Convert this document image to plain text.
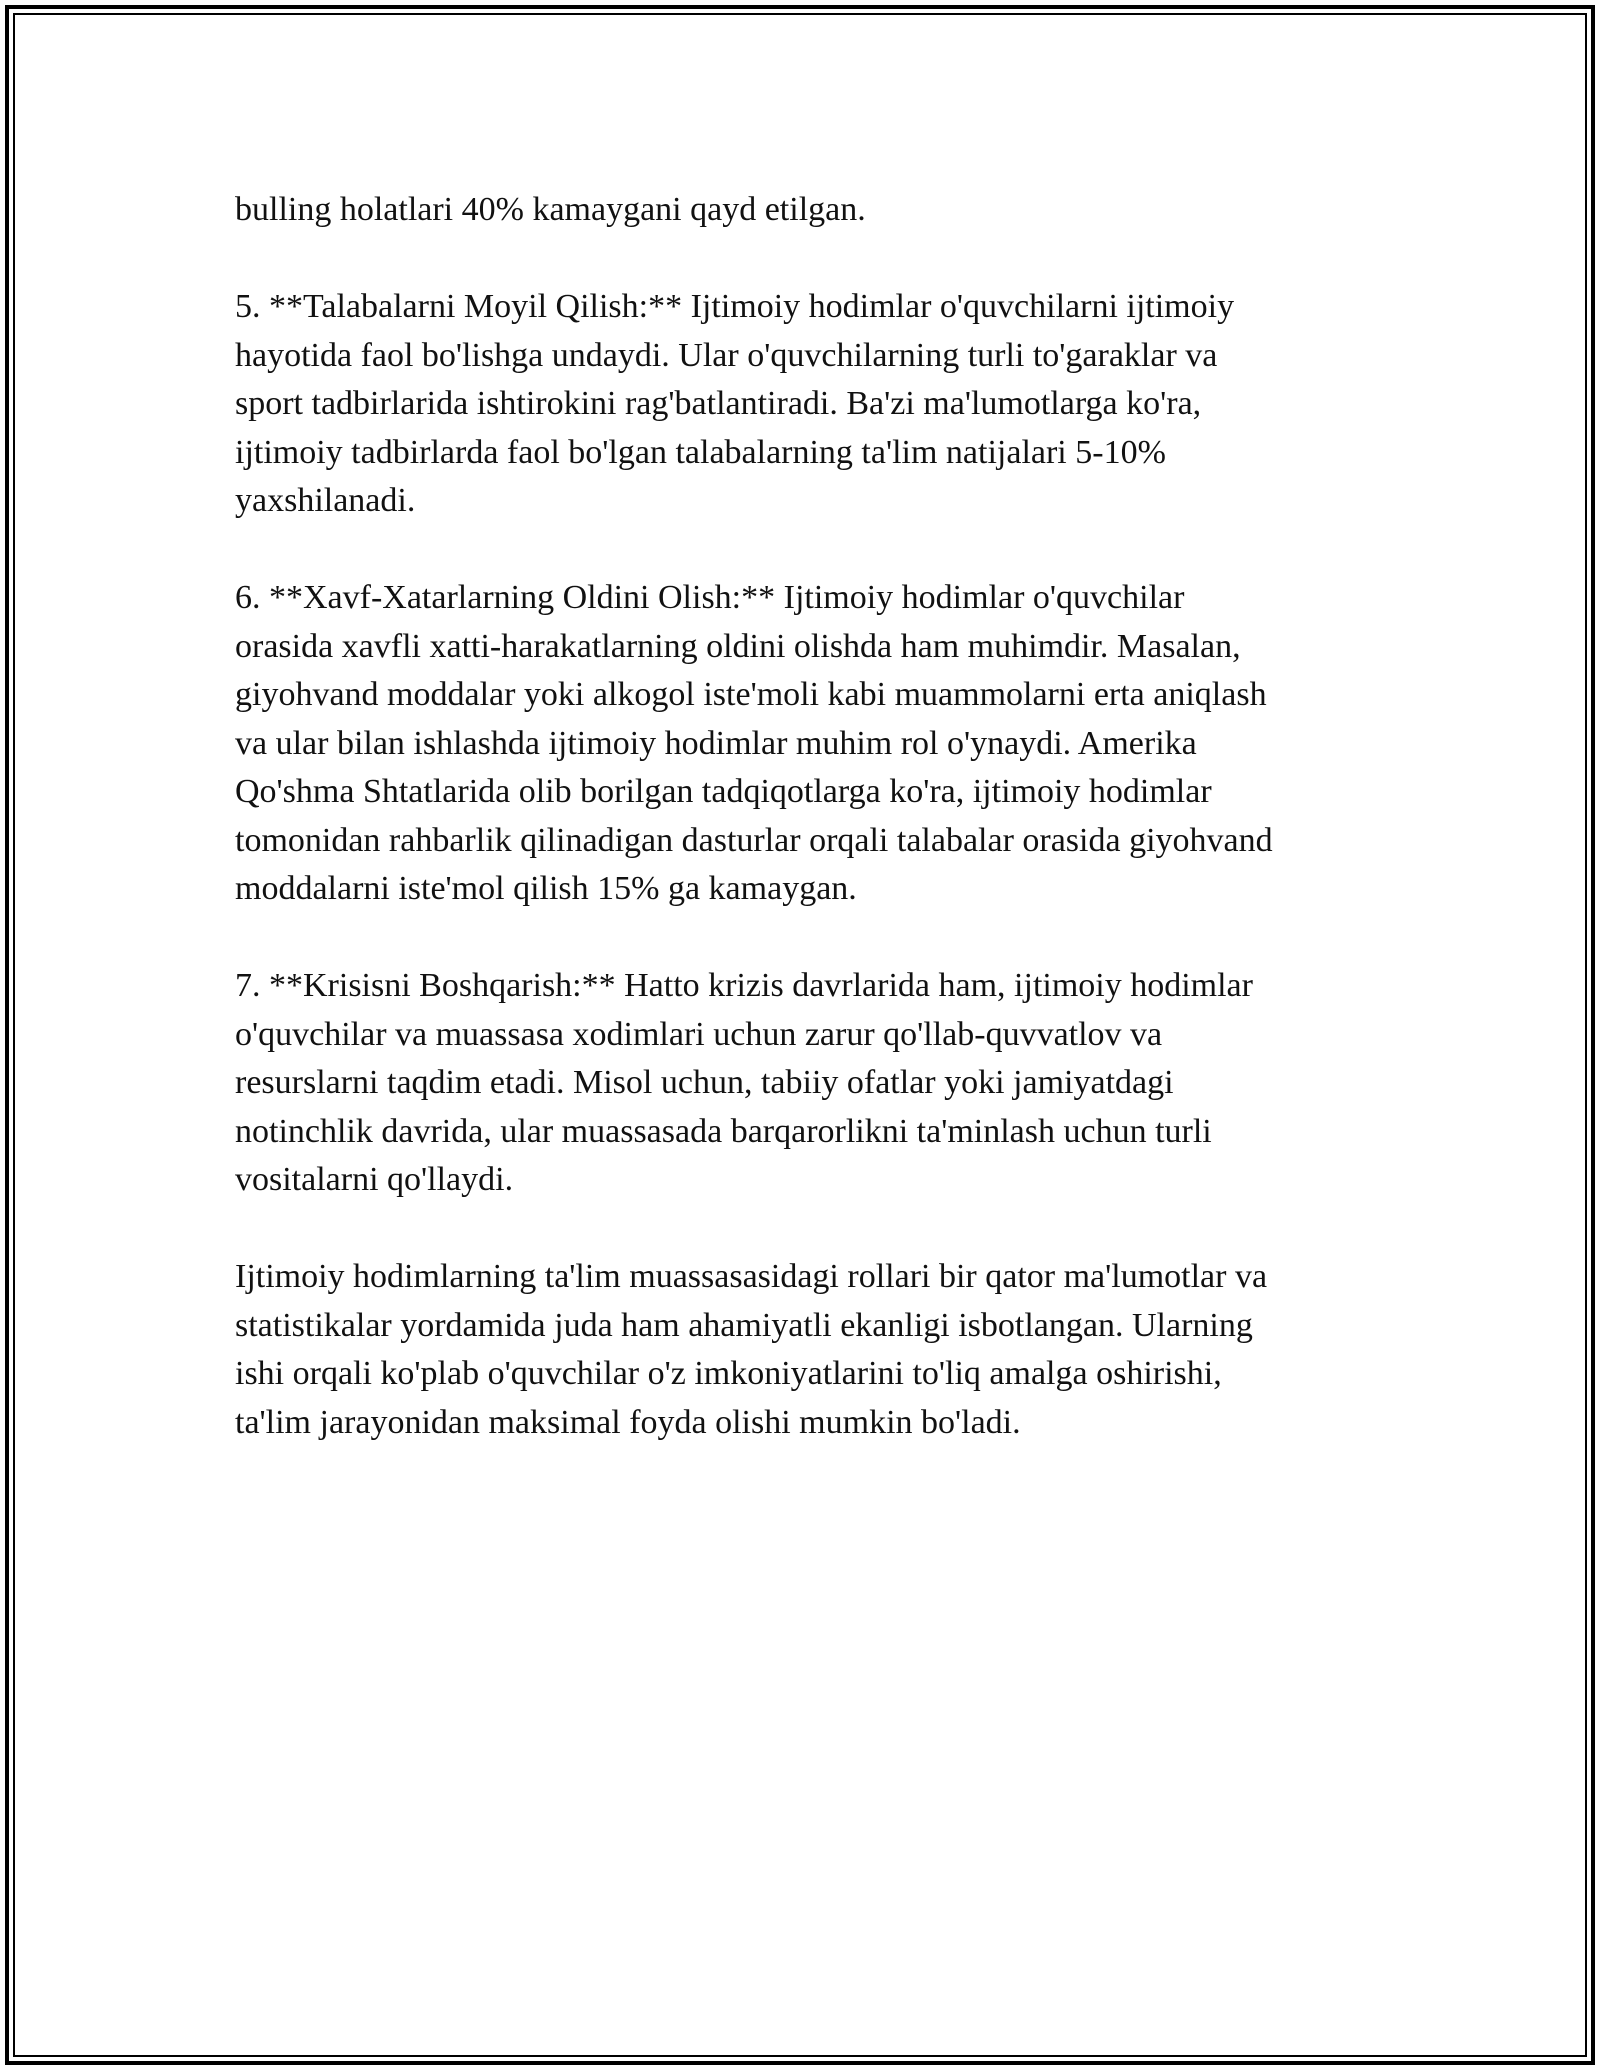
bulling holatlari 40% kamaygani qayd etilgan.

5. **Talabalarni Moyil Qilish:** Ijtimoiy hodimlar o'quvchilarni ijtimoiy
hayotida faol bo'lishga undaydi. Ular o'quvchilarning turli to'garaklar va
sport tadbirlarida ishtirokini rag'batlantiradi. Ba'zi ma'lumotlarga ko'ra,
ijtimoiy tadbirlarda faol bo'lgan talabalarning ta'lim natijalari 5-10%
yaxshilanadi.

6. **Xavf-Xatarlarning Oldini Olish:** Ijtimoiy hodimlar o'quvchilar
orasida xavfli xatti-harakatlarning oldini olishda ham muhimdir. Masalan,
giyohvand moddalar yoki alkogol iste'moli kabi muammolarni erta aniqlash
va ular bilan ishlashda ijtimoiy hodimlar muhim rol o'ynaydi. Amerika
Qo'shma Shtatlarida olib borilgan tadqiqotlarga ko'ra, ijtimoiy hodimlar
tomonidan rahbarlik qilinadigan dasturlar orqali talabalar orasida giyohvand
moddalarni iste'mol qilish 15% ga kamaygan.

7. **Krisisni Boshqarish:** Hatto krizis davrlarida ham, ijtimoiy hodimlar
o'quvchilar va muassasa xodimlari uchun zarur qo'llab-quvvatlov va
resurslarni taqdim etadi. Misol uchun, tabiiy ofatlar yoki jamiyatdagi
notinchlik davrida, ular muassasada barqarorlikni ta'minlash uchun turli
vositalarni qo'llaydi.

Ijtimoiy hodimlarning ta'lim muassasasidagi rollari bir qator ma'lumotlar va
statistikalar yordamida juda ham ahamiyatli ekanligi isbotlangan. Ularning
ishi orqali ko'plab o'quvchilar o'z imkoniyatlarini to'liq amalga oshirishi,
ta'lim jarayonidan maksimal foyda olishi mumkin bo'ladi.
